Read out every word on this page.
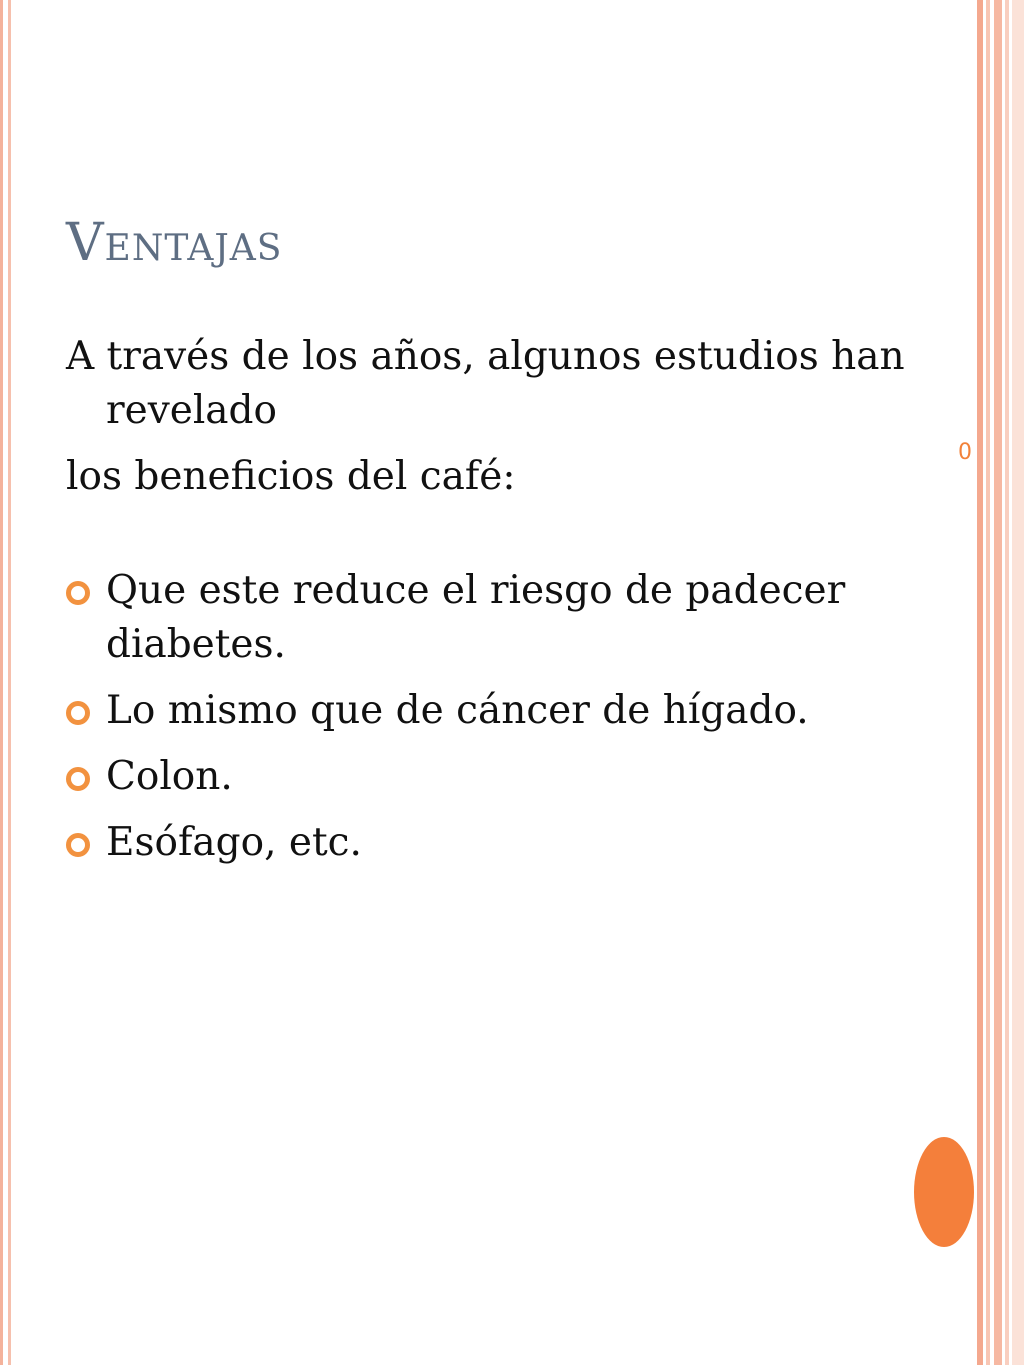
0
Ventajas

A través de los años, algunos estudios han revelado

los beneficios del café:

Que este reduce el riesgo de padecer diabetes.
Lo mismo que de cáncer de hígado.
Colon.
Esófago, etc.
